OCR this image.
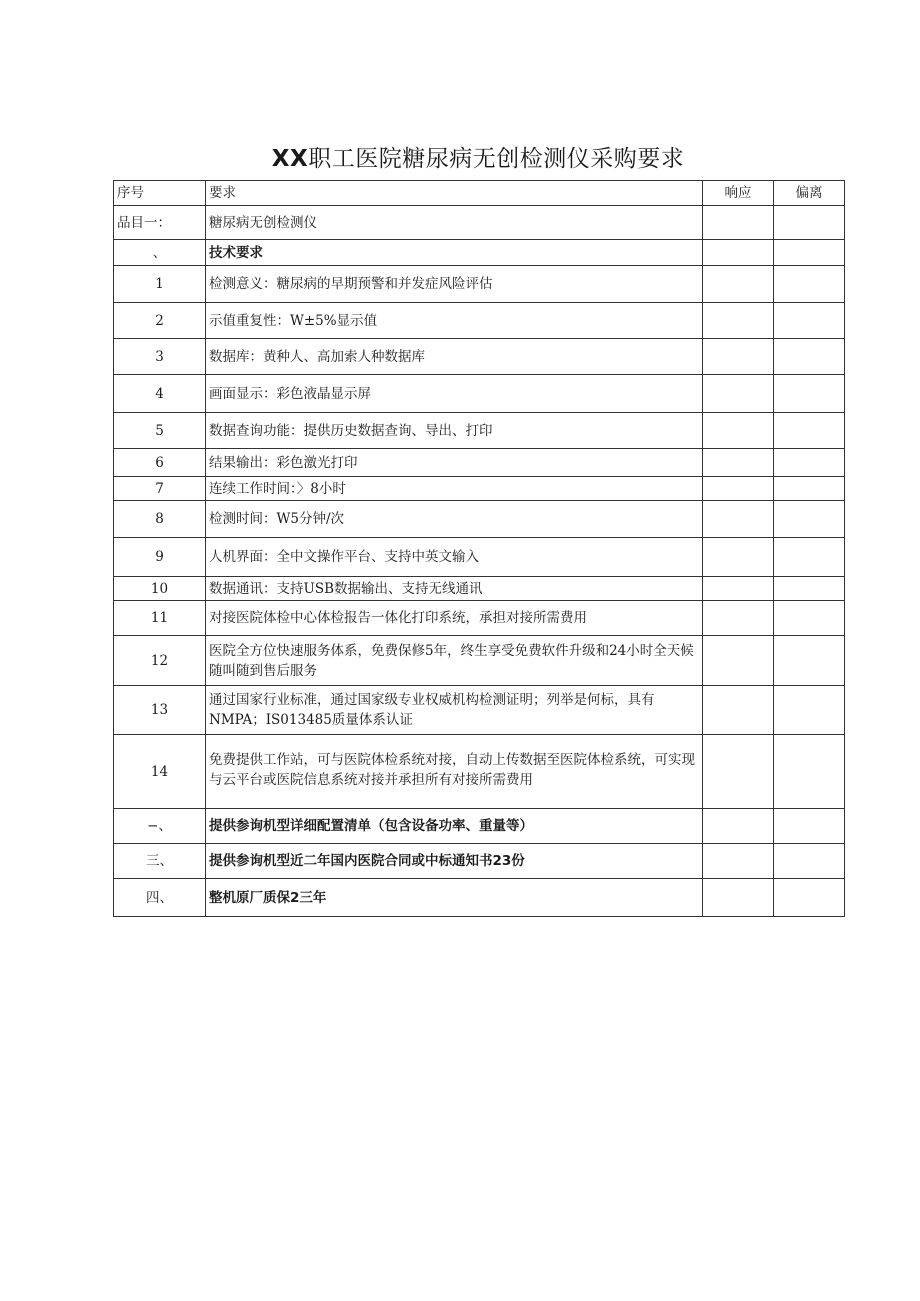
XX职工医院糖尿病无创检测仪采购要求
序号	要求	响应	偏离
品目一：	糖尿病无创检测仪		
、	技术要求		
1	检测意义：糖尿病的早期预警和并发症风险评估		
2	示值重复性：W±5%显示值		
3	数据库：黄种人、高加索人种数据库		
4	画面显示：彩色液晶显示屏		
5	数据查询功能：提供历史数据查询、导出、打印		
6	结果输出：彩色激光打印		
7	连续工作时间：〉8小时		
8	检测时间：W5分钟/次		
9	人机界面：全中文操作平台、支持中英文输入		
10	数据通讯：支持USB数据输出、支持无线通讯		
11	对接医院体检中心体检报告一体化打印系统，承担对接所需费用		
12	医院全方位快速服务体系，免费保修5年，终生享受免费软件升级和24小时全天候随叫随到售后服务		
13	通过国家行业标准，通过国家级专业权威机构检测证明；列举是何标，具有NMPA；IS013485质量体系认证		
14	免费提供工作站，可与医院体检系统对接，自动上传数据至医院体检系统，可实现与云平台或医院信息系统对接并承担所有对接所需费用		
−、	提供参询机型详细配置清单（包含设备功率、重量等）		
三、	提供参询机型近二年国内医院合同或中标通知书23份		
四、	整机原厂质保2三年		
